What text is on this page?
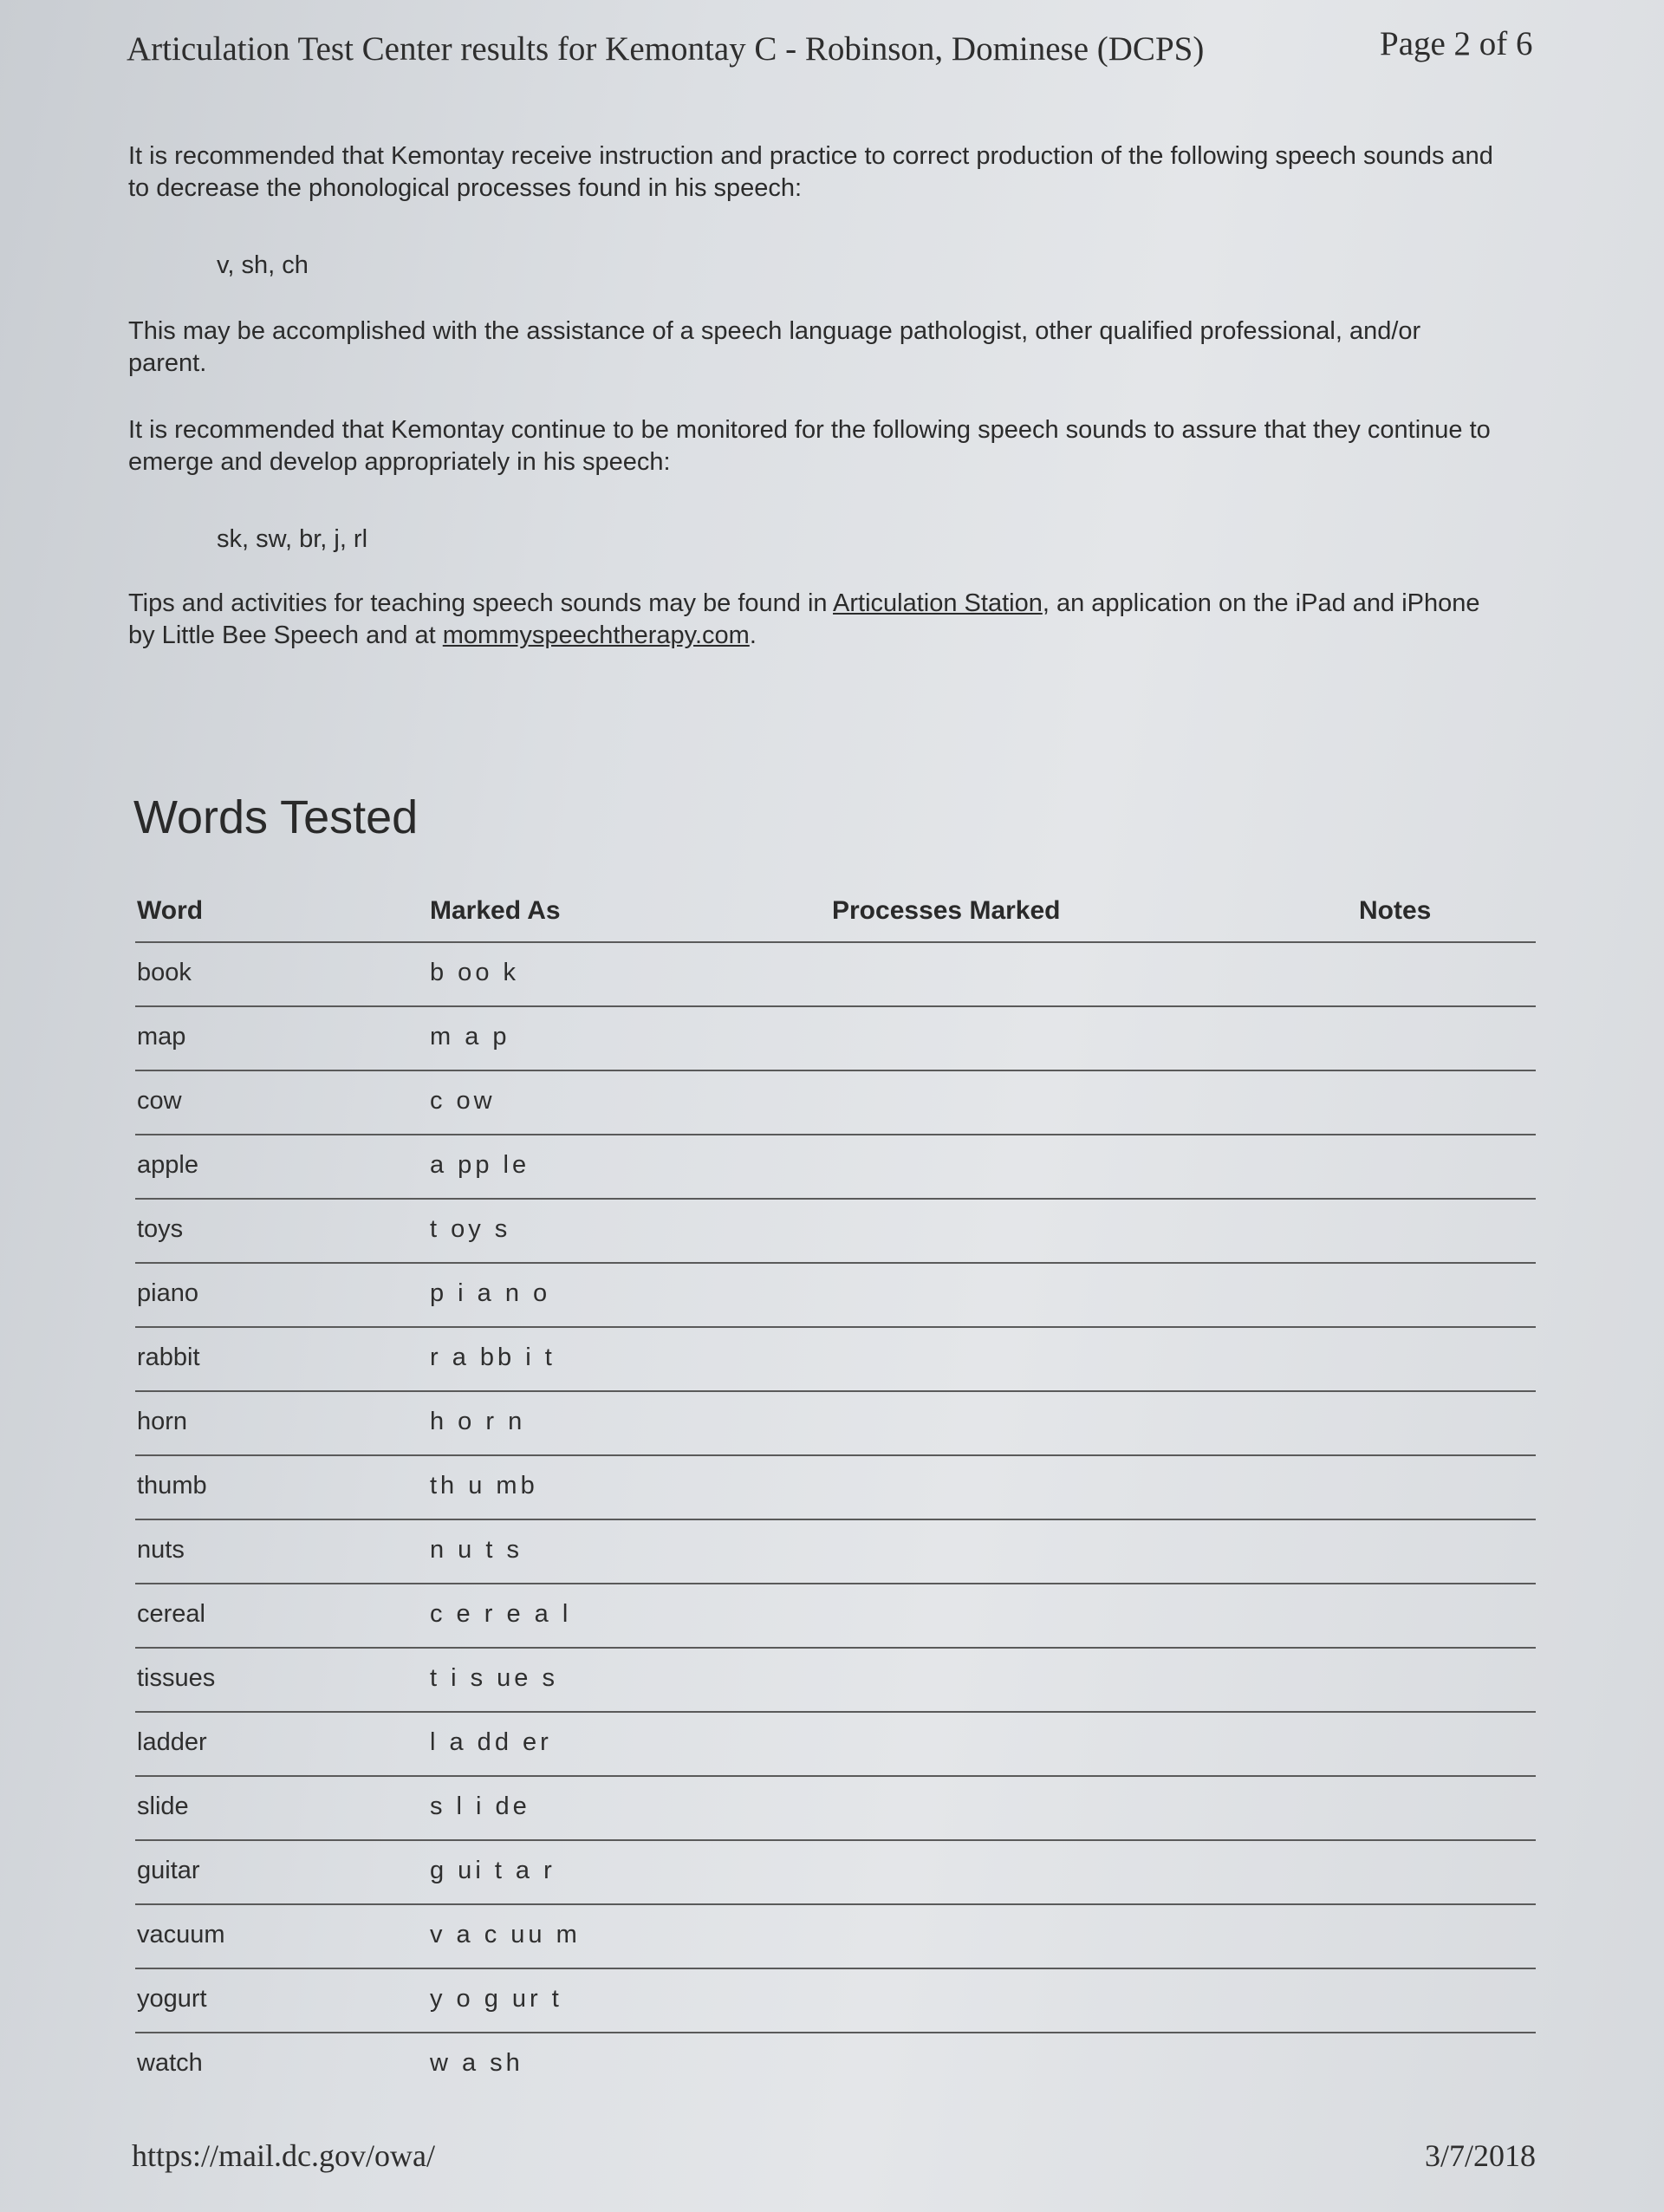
Articulation Test Center results for Kemontay C - Robinson, Dominese (DCPS)	Page 2 of 6
It is recommended that Kemontay receive instruction and practice to correct production of the following speech sounds and to decrease the phonological processes found in his speech:
v, sh, ch
This may be accomplished with the assistance of a speech language pathologist, other qualified professional, and/or parent.
It is recommended that Kemontay continue to be monitored for the following speech sounds to assure that they continue to emerge and develop appropriately in his speech:
sk, sw, br, j, rl
Tips and activities for teaching speech sounds may be found in Articulation Station, an application on the iPad and iPhone by Little Bee Speech and at mommyspeechtherapy.com.
Words Tested
Word	Marked As	Processes Marked	Notes
book	b oo k
map	m a p
cow	c ow
apple	a pp le
toys	t oy s
piano	p i a n o
rabbit	r a bb i t
horn	h o r n
thumb	th u mb
nuts	n u t s
cereal	c e r e a l
tissues	t i s ue s
ladder	l a dd er
slide	s l i de
guitar	g ui t a r
vacuum	v a c uu m
yogurt	y o g ur t
watch	w a sh
https://mail.dc.gov/owa/	3/7/2018
